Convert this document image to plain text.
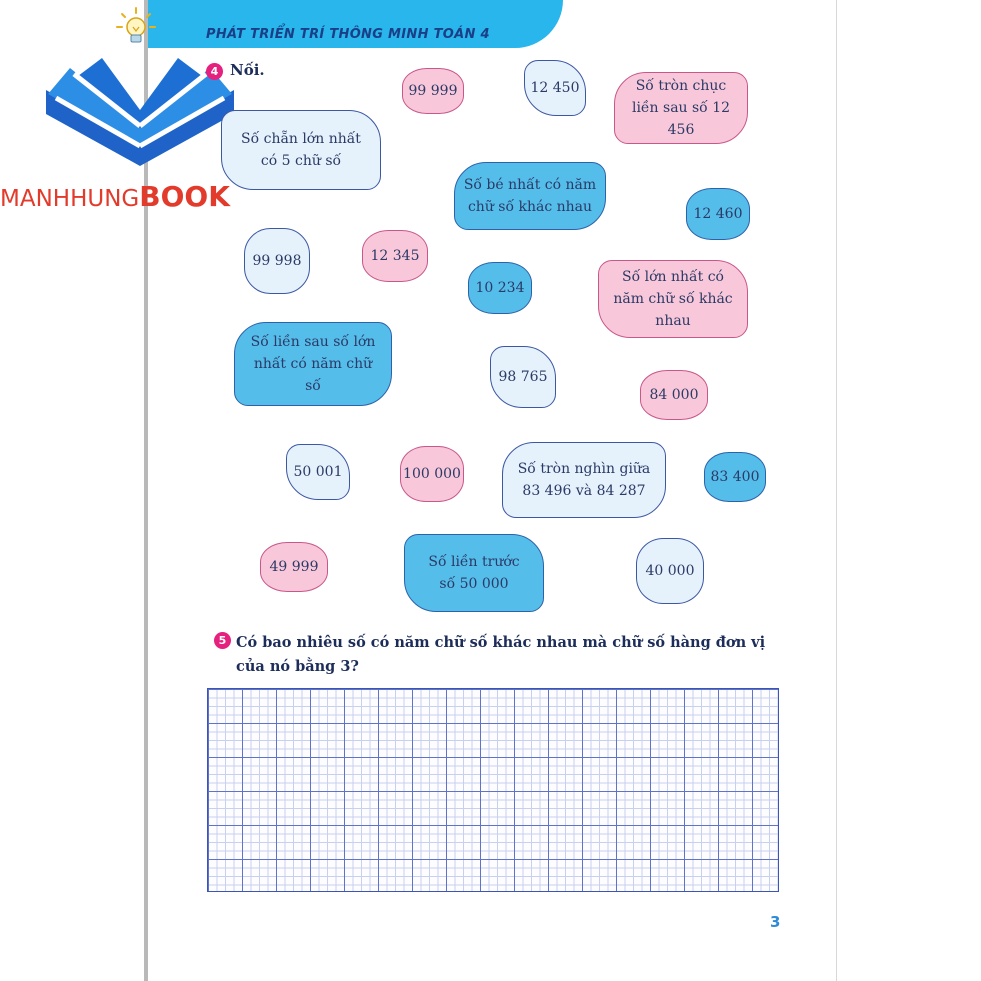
PHÁT TRIỂN TRÍ THÔNG MINH TOÁN 4
MANHHUNGBOOK
4 Nối.
99 999	12 450	Số tròn chục liền sau số 12 456
Số chẵn lớn nhất có 5 chữ số
Số bé nhất có năm chữ số khác nhau	12 460
99 998	12 345
10 234
Số lớn nhất có năm chữ số khác nhau
Số liền sau số lớn nhất có năm chữ số
98 765
84 000
50 001	100 000	Số tròn nghìn giữa 83 496 và 84 287
83 400
49 999	Số liền trước số 50 000
40 000
5 Có bao nhiêu số có năm chữ số khác nhau mà chữ số hàng đơn vị của nó bằng 3?
3
